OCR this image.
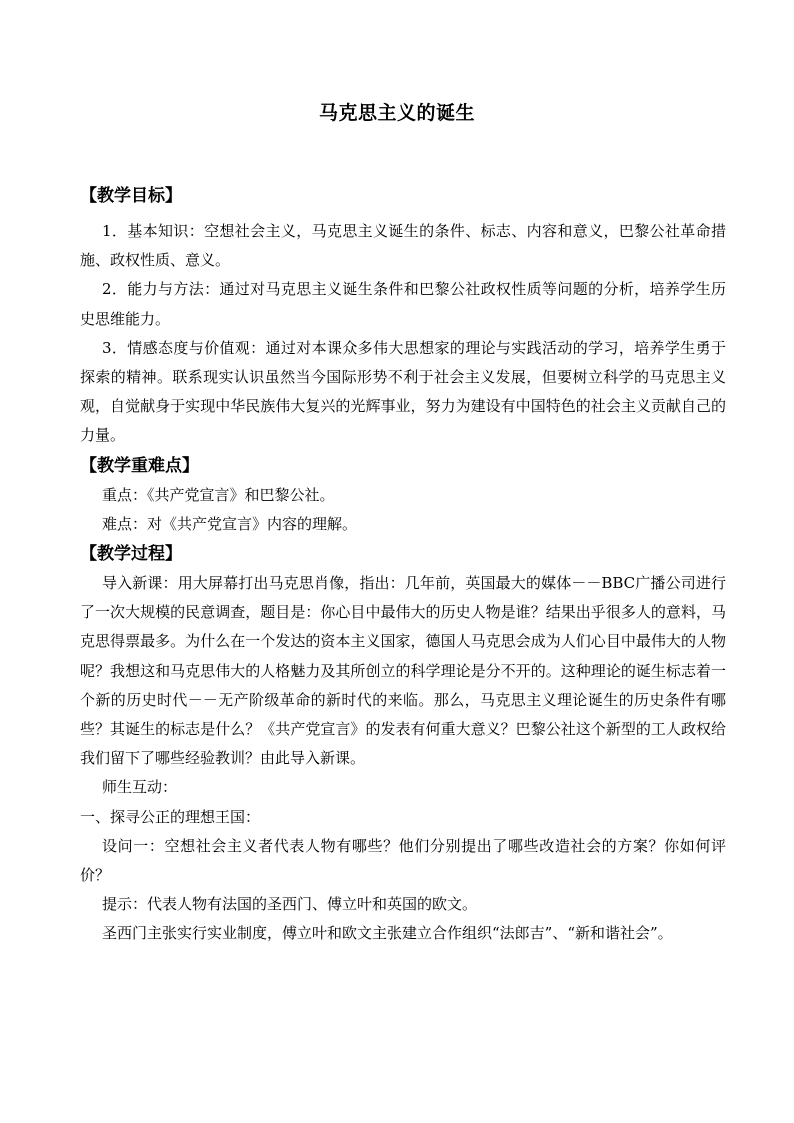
马克思主义的诞生
【教学目标】

1．基本知识：空想社会主义，马克思主义诞生的条件、标志、内容和意义，巴黎公社革命措施、政权性质、意义。

2．能力与方法：通过对马克思主义诞生条件和巴黎公社政权性质等问题的分析，培养学生历史思维能力。

3．情感态度与价值观：通过对本课众多伟大思想家的理论与实践活动的学习，培养学生勇于探索的精神。联系现实认识虽然当今国际形势不利于社会主义发展，但要树立科学的马克思主义观，自觉献身于实现中华民族伟大复兴的光辉事业，努力为建设有中国特色的社会主义贡献自己的力量。

【教学重难点】

重点：《共产党宣言》和巴黎公社。

难点：对《共产党宣言》内容的理解。

【教学过程】

导入新课：用大屏幕打出马克思肖像，指出：几年前，英国最大的媒体－－BBC广播公司进行了一次大规模的民意调查，题目是：你心目中最伟大的历史人物是谁？结果出乎很多人的意料，马克思得票最多。为什么在一个发达的资本主义国家，德国人马克思会成为人们心目中最伟大的人物呢？我想这和马克思伟大的人格魅力及其所创立的科学理论是分不开的。这种理论的诞生标志着一个新的历史时代－－无产阶级革命的新时代的来临。那么，马克思主义理论诞生的历史条件有哪些？其诞生的标志是什么？《共产党宣言》的发表有何重大意义？巴黎公社这个新型的工人政权给我们留下了哪些经验教训？由此导入新课。

师生互动：

一、探寻公正的理想王国：

设问一：空想社会主义者代表人物有哪些？他们分别提出了哪些改造社会的方案？你如何评价？

提示：代表人物有法国的圣西门、傅立叶和英国的欧文。

圣西门主张实行实业制度，傅立叶和欧文主张建立合作组织“法郎吉”、“新和谐社会”。
